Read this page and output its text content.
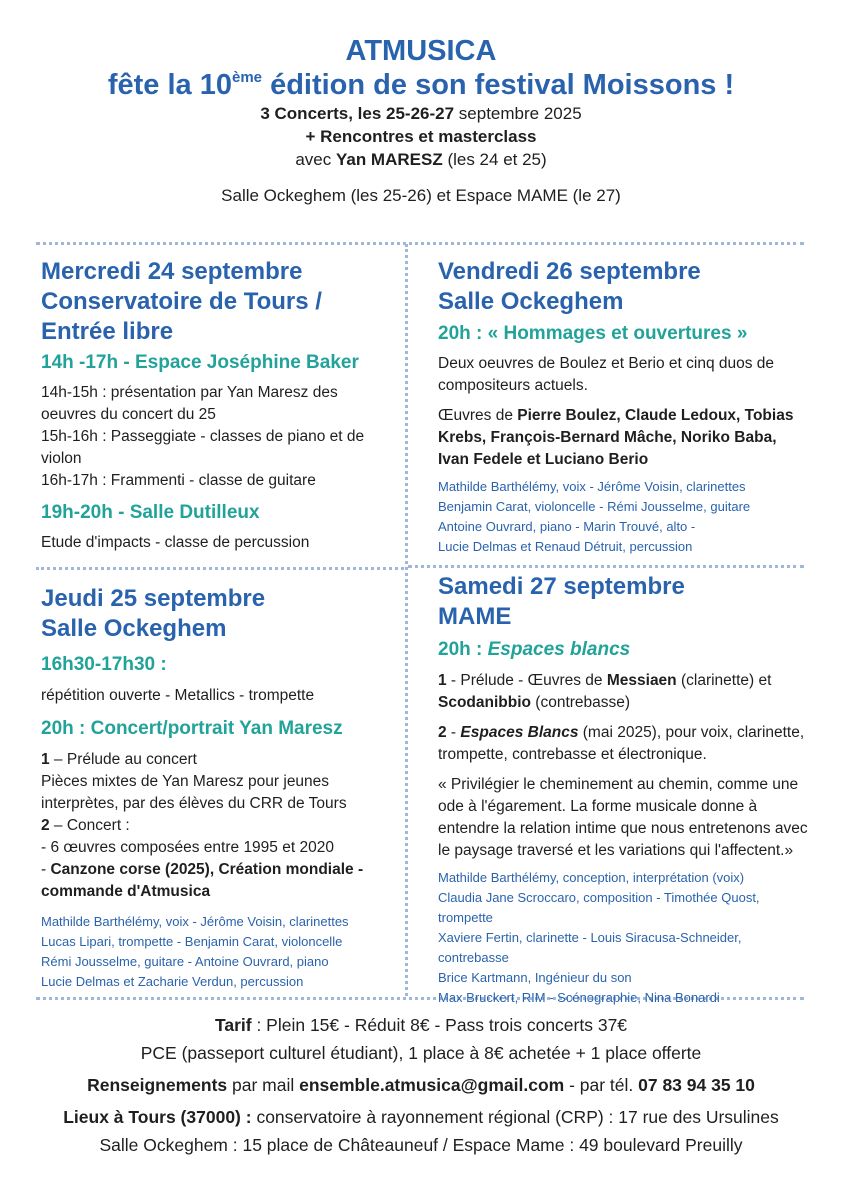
ATMUSICA
fête la 10ème édition de son festival Moissons !
3 Concerts, les 25-26-27 septembre 2025
+ Rencontres et masterclass
avec Yan MARESZ (les 24 et 25)
Salle Ockeghem (les 25-26) et Espace MAME (le 27)
Mercredi 24 septembre
Conservatoire de Tours /
Entrée libre
14h -17h - Espace Joséphine Baker
14h-15h : présentation par Yan Maresz des oeuvres du concert du 25
15h-16h : Passeggiate - classes de piano et de violon
16h-17h : Frammenti - classe de guitare
19h-20h - Salle Dutilleux
Etude d'impacts - classe de percussion
Jeudi 25 septembre
Salle Ockeghem
16h30-17h30 :
répétition ouverte - Metallics - trompette
20h : Concert/portrait Yan Maresz
1 – Prélude au concert
Pièces mixtes de Yan Maresz pour jeunes interprètes, par des élèves du CRR de Tours
2 – Concert :
- 6 œuvres composées entre 1995 et 2020
- Canzone corse (2025), Création mondiale - commande d'Atmusica
Mathilde Barthélémy, voix - Jérôme Voisin, clarinettes
Lucas Lipari, trompette - Benjamin Carat, violoncelle
Rémi Jousselme, guitare - Antoine Ouvrard, piano
Lucie Delmas et Zacharie Verdun, percussion
Vendredi 26 septembre
Salle Ockeghem
20h : « Hommages et ouvertures »
Deux oeuvres de Boulez et Berio et cinq duos de compositeurs actuels.
Œuvres de Pierre Boulez, Claude Ledoux, Tobias Krebs, François-Bernard Mâche, Noriko Baba, Ivan Fedele et Luciano Berio
Mathilde Barthélémy, voix - Jérôme Voisin, clarinettes
Benjamin Carat, violoncelle - Rémi Jousselme, guitare
Antoine Ouvrard, piano - Marin Trouvé, alto -
Lucie Delmas et Renaud Détruit, percussion
Samedi 27 septembre
MAME
20h : Espaces blancs
1 - Prélude - Œuvres de Messiaen (clarinette) et Scodanibbio (contrebasse)
2 - Espaces Blancs (mai 2025), pour voix, clarinette, trompette, contrebasse et électronique.
« Privilégier le cheminement au chemin, comme une ode à l'égarement. La forme musicale donne à entendre la relation intime que nous entretenons avec le paysage traversé et les variations qui l'affectent.»
Mathilde Barthélémy, conception, interprétation (voix)
Claudia Jane Scroccaro, composition - Timothée Quost, trompette
Xaviere Fertin, clarinette - Louis Siracusa-Schneider, contrebasse
Brice Kartmann, Ingénieur du son
Max Bruckert, RIM - Scénographie, Nina Bonardi
Tarif : Plein 15€ - Réduit 8€ - Pass trois concerts 37€
PCE (passeport culturel étudiant), 1 place à 8€ achetée + 1 place offerte
Renseignements par mail ensemble.atmusica@gmail.com - par tél. 07 83 94 35 10
Lieux à Tours (37000) : conservatoire à rayonnement régional (CRP) : 17 rue des Ursulines
Salle Ockeghem : 15 place de Châteauneuf / Espace Mame : 49 boulevard Preuilly
